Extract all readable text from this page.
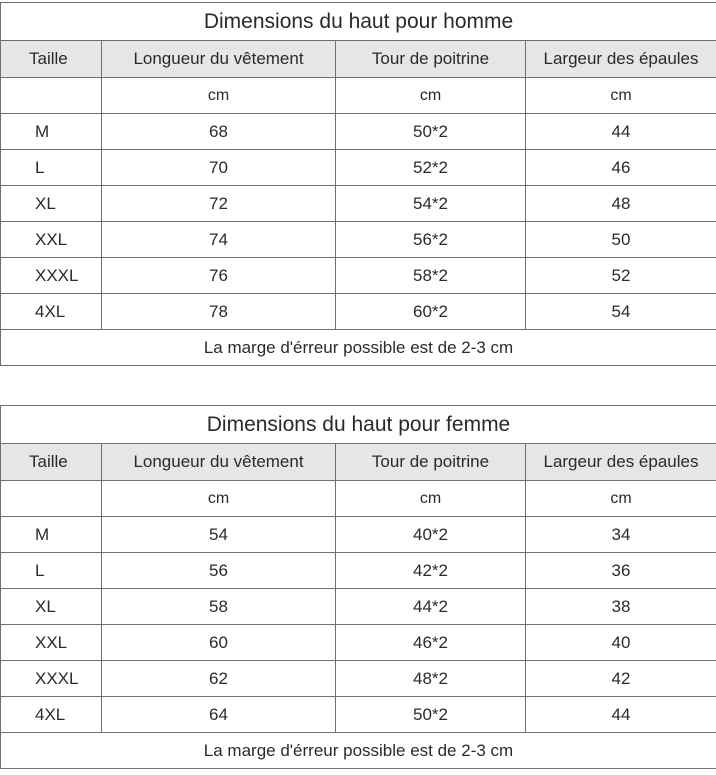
Dimensions du haut pour homme			
Taille	Longueur du vêtement	Tour de poitrine	Largeur des épaules
	cm	cm	cm
M	68	50*2	44
L	70	52*2	46
XL	72	54*2	48
XXL	74	56*2	50
XXXL	76	58*2	52
4XL	78	60*2	54
La marge d'érreur possible est de 2-3 cm			
Dimensions du haut pour femme			
Taille	Longueur du vêtement	Tour de poitrine	Largeur des épaules
	cm	cm	cm
M	54	40*2	34
L	56	42*2	36
XL	58	44*2	38
XXL	60	46*2	40
XXXL	62	48*2	42
4XL	64	50*2	44
La marge d'érreur possible est de 2-3 cm			
